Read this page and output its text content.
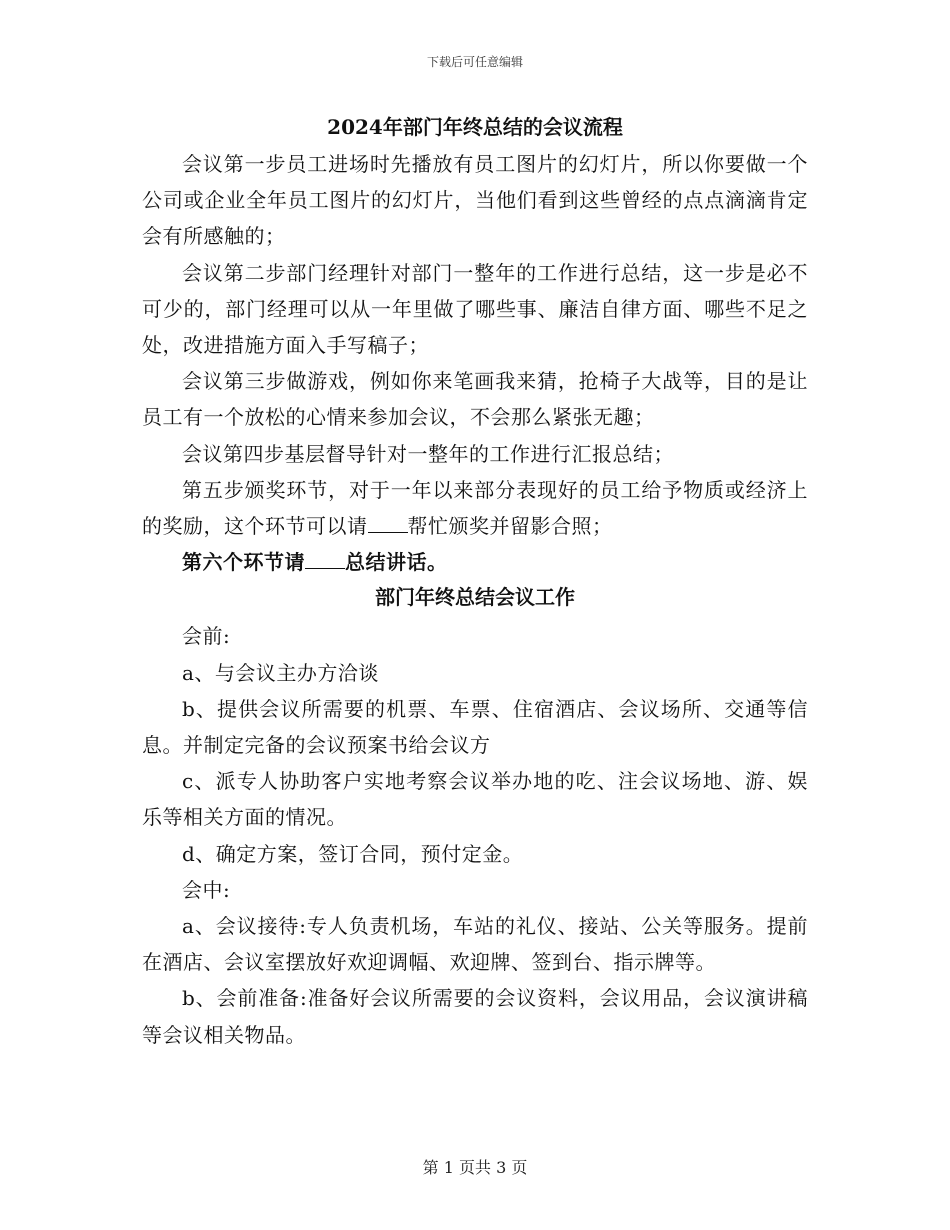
下载后可任意编辑
2024年部门年终总结的会议流程

会议第一步员工进场时先播放有员工图片的幻灯片，所以你要做一个公司或企业全年员工图片的幻灯片，当他们看到这些曾经的点点滴滴肯定会有所感触的；

会议第二步部门经理针对部门一整年的工作进行总结，这一步是必不可少的，部门经理可以从一年里做了哪些事、廉洁自律方面、哪些不足之处，改进措施方面入手写稿子；

会议第三步做游戏，例如你来笔画我来猜，抢椅子大战等，目的是让员工有一个放松的心情来参加会议，不会那么紧张无趣；

会议第四步基层督导针对一整年的工作进行汇报总结；

第五步颁奖环节，对于一年以来部分表现好的员工给予物质或经济上的奖励，这个环节可以请 帮忙颁奖并留影合照；

第六个环节请 总结讲话。

部门年终总结会议工作

会前:

a、与会议主办方洽谈

b、提供会议所需要的机票、车票、住宿酒店、会议场所、交通等信息。并制定完备的会议预案书给会议方

c、派专人协助客户实地考察会议举办地的吃、注会议场地、游、娱乐等相关方面的情况。

d、确定方案，签订合同，预付定金。

会中:

a、会议接待:专人负责机场，车站的礼仪、接站、公关等服务。提前在酒店、会议室摆放好欢迎调幅、欢迎牌、签到台、指示牌等。

b、会前准备:准备好会议所需要的会议资料，会议用品，会议演讲稿等会议相关物品。

第 1 页共 3 页
